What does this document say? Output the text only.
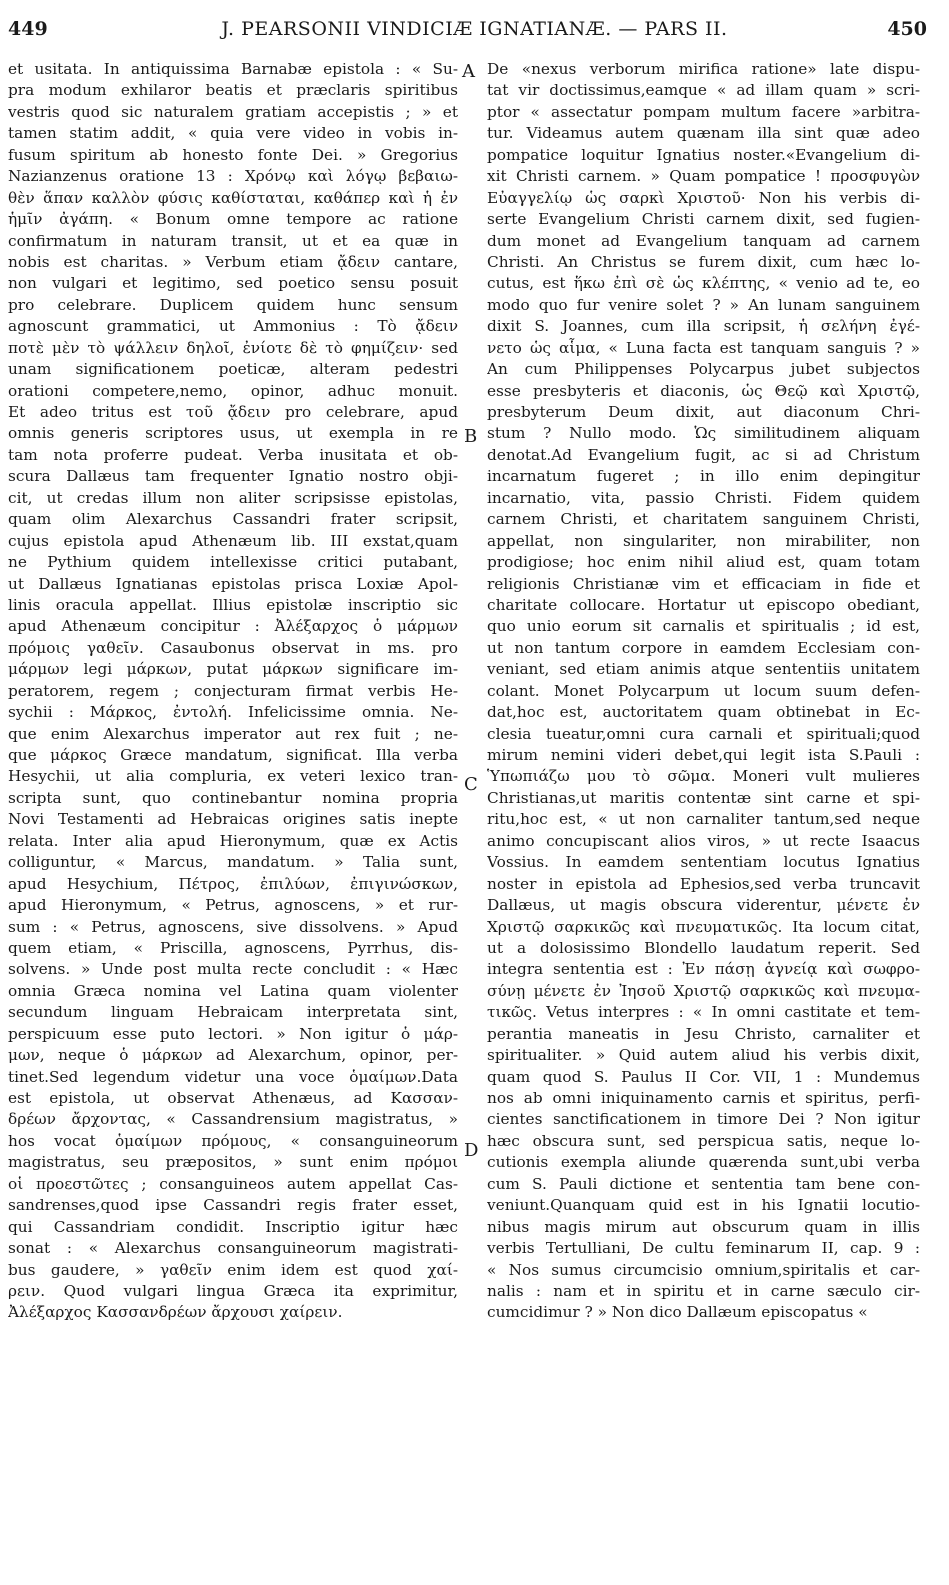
449	J. PEARSONII VINDICIÆ IGNATIANÆ. — PARS II.	450
et usitata. In antiquissima Barnabæ epistola : « Su-
pra modum exhilaror beatis et præclaris spiritibus
vestris quod sic naturalem gratiam accepistis ; » et
tamen statim addit, « quia vere video in vobis in-
fusum spiritum ab honesto fonte Dei. » Gregorius
Nazianzenus oratione 13 : Χρόνῳ καὶ λόγῳ βεβαιω-
θὲν ἅπαν καλλὸν φύσις καθίσταται, καθάπερ καὶ ἡ ἐν
ἡμῖν ἀγάπη. « Bonum omne tempore ac ratione
confirmatum in naturam transit, ut et ea quæ in
nobis est charitas. » Verbum etiam ᾄδειν cantare,
non vulgari et legitimo, sed poetico sensu posuit
pro celebrare. Duplicem quidem hunc sensum
agnoscunt grammatici, ut Ammonius : Τὸ ᾄδειν
ποτὲ μὲν τὸ ψάλλειν δηλοῖ, ἐνίοτε δὲ τὸ φημίζειν· sed
unam significationem poeticæ, alteram pedestri
orationi competere,nemo, opinor, adhuc monuit.
Et adeo tritus est τοῦ ᾄδειν pro celebrare, apud
omnis generis scriptores usus, ut exempla in re
tam nota proferre pudeat. Verba inusitata et ob-
scura Dallæus tam frequenter Ignatio nostro obji-
cit, ut credas illum non aliter scripsisse epistolas,
quam olim Alexarchus Cassandri frater scripsit,
cujus epistola apud Athenæum lib. III exstat,quam
ne Pythium quidem intellexisse critici putabant,
ut Dallæus Ignatianas epistolas prisca Loxiæ Apol-
linis oracula appellat. Illius epistolæ inscriptio sic
apud Athenæum concipitur : Ἀλέξαρχος ὁ μάρμων
πρόμοις γαθεῖν. Casaubonus observat in ms. pro
μάρμων legi μάρκων, putat μάρκων significare im-
peratorem, regem ; conjecturam firmat verbis He-
sychii : Μάρκος, ἐντολή. Infelicissime omnia. Ne-
que enim Alexarchus imperator aut rex fuit ; ne-
que μάρκος Græce mandatum, significat. Illa verba
Hesychii, ut alia compluria, ex veteri lexico tran-
scripta sunt, quo continebantur nomina propria
Novi Testamenti ad Hebraicas origines satis inepte
relata. Inter alia apud Hieronymum, quæ ex Actis
colliguntur, « Marcus, mandatum. » Talia sunt,
apud Hesychium, Πέτρος, ἐπιλύων, ἐπιγινώσκων,
apud Hieronymum, « Petrus, agnoscens, » et rur-
sum : « Petrus, agnoscens, sive dissolvens. » Apud
quem etiam, « Priscilla, agnoscens, Pyrrhus, dis-
solvens. » Unde post multa recte concludit : « Hæc
omnia Græca nomina vel Latina quam violenter
secundum linguam Hebraicam interpretata sint,
perspicuum esse puto lectori. » Non igitur ὁ μάρ-
μων, neque ὁ μάρκων ad Alexarchum, opinor, per-
tinet.Sed legendum videtur una voce ὁμαίμων.Data
est epistola, ut observat Athenæus, ad Κασσαν-
δρέων ἄρχοντας, « Cassandrensium magistratus, »
hos vocat ὁμαίμων πρόμους, « consanguineorum
magistratus, seu præpositos, » sunt enim πρόμοι
οἱ προεστῶτες ; consanguineos autem appellat Cas-
sandrenses,quod ipse Cassandri regis frater esset,
qui Cassandriam condidit. Inscriptio igitur hæc
sonat : « Alexarchus consanguineorum magistrati-
bus gaudere, » γαθεῖν enim idem est quod χαί-
ρειν. Quod vulgari lingua Græca ita exprimitur,
Ἀλέξαρχος Κασσανδρέων ἄρχουσι χαίρειν.
De «nexus verborum mirifica ratione» late dispu-
tat vir doctissimus,eamque « ad illam quam » scri-
ptor « assectatur pompam multum facere »arbitra-
tur. Videamus autem quænam illa sint quæ adeo
pompatice loquitur Ignatius noster.«Evangelium di-
xit Christi carnem. » Quam pompatice ! προσφυγὼν
Εὐαγγελίῳ ὡς σαρκὶ Χριστοῦ· Non his verbis di-
serte Evangelium Christi carnem dixit, sed fugien-
dum monet ad Evangelium tanquam ad carnem
Christi. An Christus se furem dixit, cum hæc lo-
cutus, est ἥκω ἐπὶ σὲ ὡς κλέπτης, « venio ad te, eo
modo quo fur venire solet ? » An lunam sanguinem
dixit S. Joannes, cum illa scripsit, ἡ σελήνη ἐγέ-
νετο ὡς αἷμα, « Luna facta est tanquam sanguis ? »
An cum Philippenses Polycarpus jubet subjectos
esse presbyteris et diaconis, ὡς Θεῷ καὶ Χριστῷ,
presbyterum Deum dixit, aut diaconum Chri-
stum ? Nullo modo. Ὡς similitudinem aliquam
denotat.Ad Evangelium fugit, ac si ad Christum
incarnatum fugeret ; in illo enim depingitur
incarnatio, vita, passio Christi. Fidem quidem
carnem Christi, et charitatem sanguinem Christi,
appellat, non singulariter, non mirabiliter, non
prodigiose; hoc enim nihil aliud est, quam totam
religionis Christianæ vim et efficaciam in fide et
charitate collocare. Hortatur ut episcopo obediant,
quo unio eorum sit carnalis et spiritualis ; id est,
ut non tantum corpore in eamdem Ecclesiam con-
veniant, sed etiam animis atque sententiis unitatem
colant. Monet Polycarpum ut locum suum defen-
dat,hoc est, auctoritatem quam obtinebat in Ec-
clesia tueatur,omni cura carnali et spirituali;quod
mirum nemini videri debet,qui legit ista S.Pauli :
Ὑπωπιάζω μου τὸ σῶμα. Moneri vult mulieres
Christianas,ut maritis contentæ sint carne et spi-
ritu,hoc est, « ut non carnaliter tantum,sed neque
animo concupiscant alios viros, » ut recte Isaacus
Vossius. In eamdem sententiam locutus Ignatius
noster in epistola ad Ephesios,sed verba truncavit
Dallæus, ut magis obscura viderentur, μένετε ἐν
Χριστῷ σαρκικῶς καὶ πνευματικῶς. Ita locum citat,
ut a dolosissimo Blondello laudatum reperit. Sed
integra sententia est : Ἐν πάσῃ ἁγνείᾳ καὶ σωφρο-
σύνῃ μένετε ἐν Ἰησοῦ Χριστῷ σαρκικῶς καὶ πνευμα-
τικῶς. Vetus interpres : « In omni castitate et tem-
perantia maneatis in Jesu Christo, carnaliter et
spiritualiter. » Quid autem aliud his verbis dixit,
quam quod S. Paulus II Cor. VII, 1 : Mundemus
nos ab omni iniquinamento carnis et spiritus, perfi-
cientes sanctificationem in timore Dei ? Non igitur
hæc obscura sunt, sed perspicua satis, neque lo-
cutionis exempla aliunde quærenda sunt,ubi verba
cum S. Pauli dictione et sententia tam bene con-
veniunt.Quanquam quid est in his Ignatii locutio-
nibus magis mirum aut obscurum quam in illis
verbis Tertulliani, De cultu feminarum II, cap. 9 :
« Nos sumus circumcisio omnium,spiritalis et car-
nalis : nam et in spiritu et in carne sæculo cir-
cumcidimur ? » Non dico Dallæum episcopatus «
A
B
C
D
